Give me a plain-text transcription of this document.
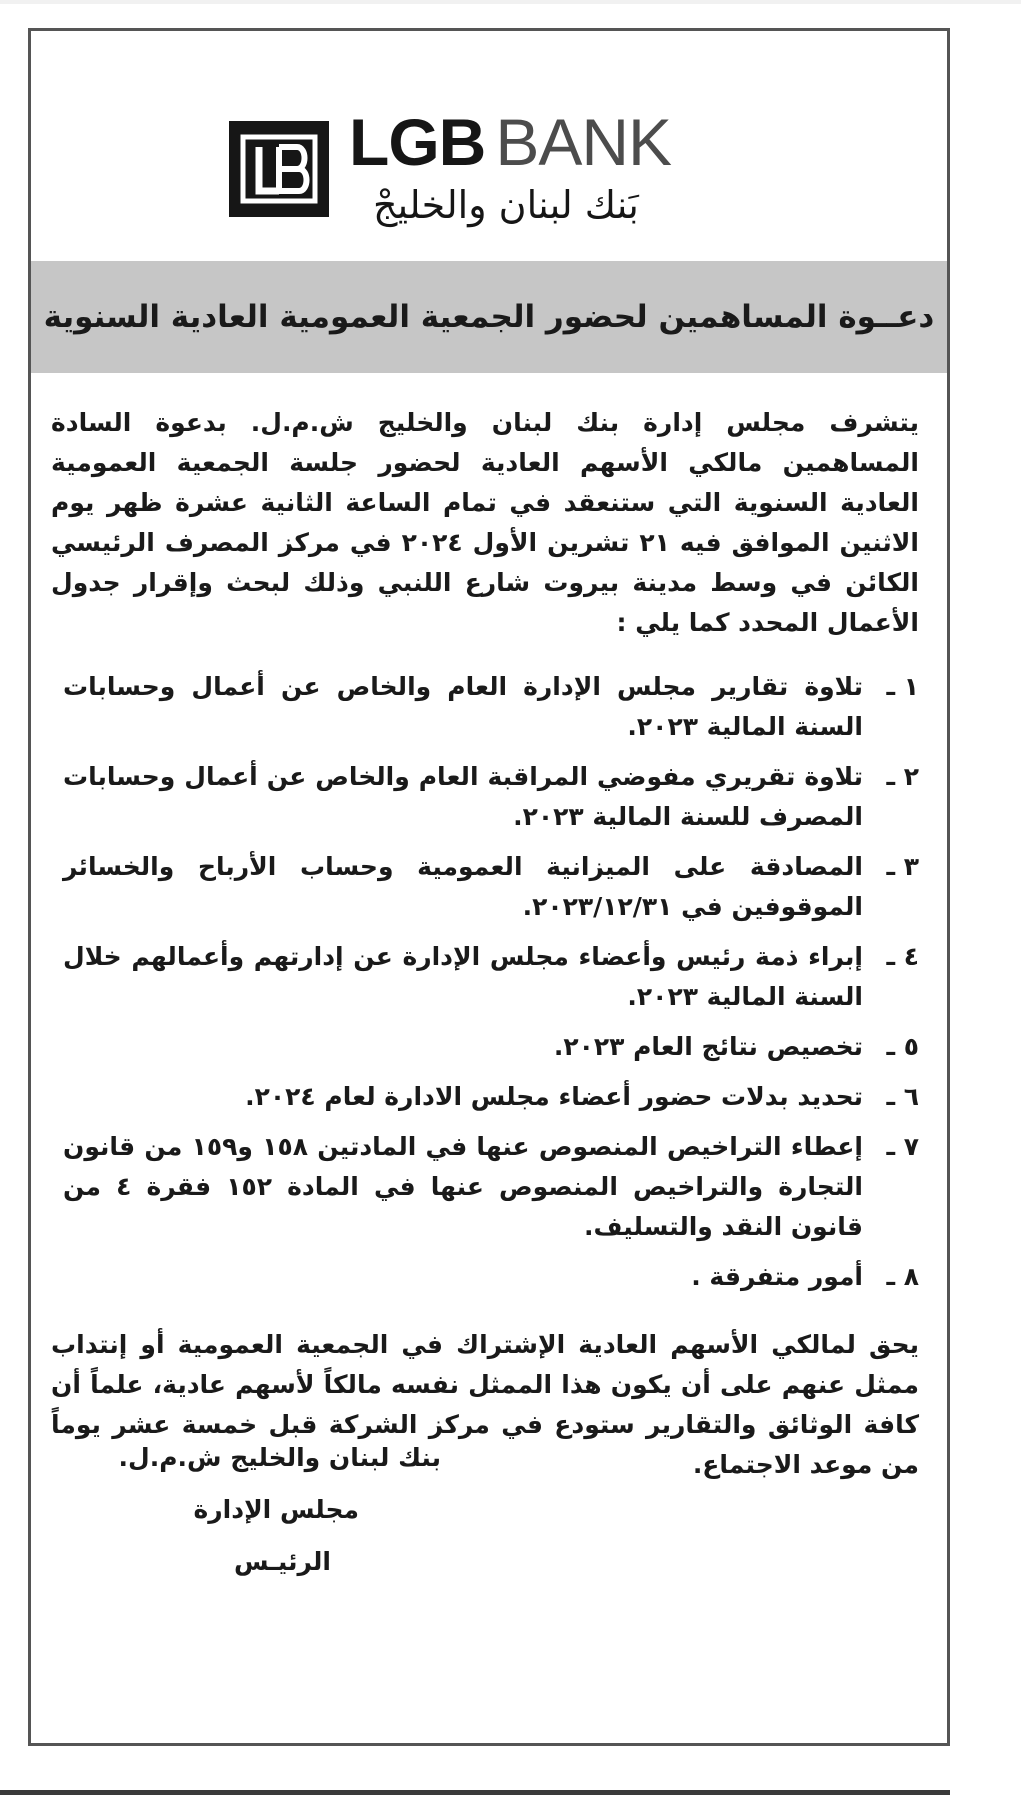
LGB BANK
بَنك لبنان والخليجْ
دعــوة المساهمين لحضور الجمعية العمومية العادية السنوية

يتشرف مجلس إدارة بنك لبنان والخليج ش.م.ل. بدعوة السادة المساهمين مالكي الأسهم العادية لحضور جلسة الجمعية العمومية العادية السنوية التي ستنعقد في تمام الساعة الثانية عشرة ظهر يوم الاثنين الموافق فيه ٢١ تشرين الأول ٢٠٢٤ في مركز المصرف الرئيسي الكائن في وسط مدينة بيروت شارع اللنبي وذلك لبحث وإقرار جدول الأعمال المحدد كما يلي :

١ ـ
تلاوة تقارير مجلس الإدارة العام والخاص عن أعمال وحسابات السنة المالية ٢٠٢٣.
٢ ـ
تلاوة تقريري مفوضي المراقبة العام والخاص عن أعمال وحسابات المصرف للسنة المالية ٢٠٢٣.
٣ ـ
المصادقة على الميزانية العمومية وحساب الأرباح والخسائر الموقوفين في ٢٠٢٣/١٢/٣١.
٤ ـ
إبراء ذمة رئيس وأعضاء مجلس الإدارة عن إدارتهم وأعمالهم خلال السنة المالية ٢٠٢٣.
٥ ـ
تخصيص نتائج العام ٢٠٢٣.
٦ ـ
تحديد بدلات حضور أعضاء مجلس الادارة لعام ٢٠٢٤.
٧ ـ
إعطاء التراخيص المنصوص عنها في المادتين ١٥٨ و١٥٩ من قانون التجارة والتراخيص المنصوص عنها في المادة ١٥٢ فقرة ٤ من قانون النقد والتسليف.
٨ ـ
أمور متفرقة .

يحق لمالكي الأسهم العادية الإشتراك في الجمعية العمومية أو إنتداب ممثل عنهم على أن يكون هذا الممثل نفسه مالكاً لأسهم عادية، علماً أن كافة الوثائق والتقارير ستودع في مركز الشركة قبل خمسة عشر يوماً من موعد الاجتماع.

بنك لبنان والخليج ش.م.ل.
مجلس الإدارة
الرئيـس
